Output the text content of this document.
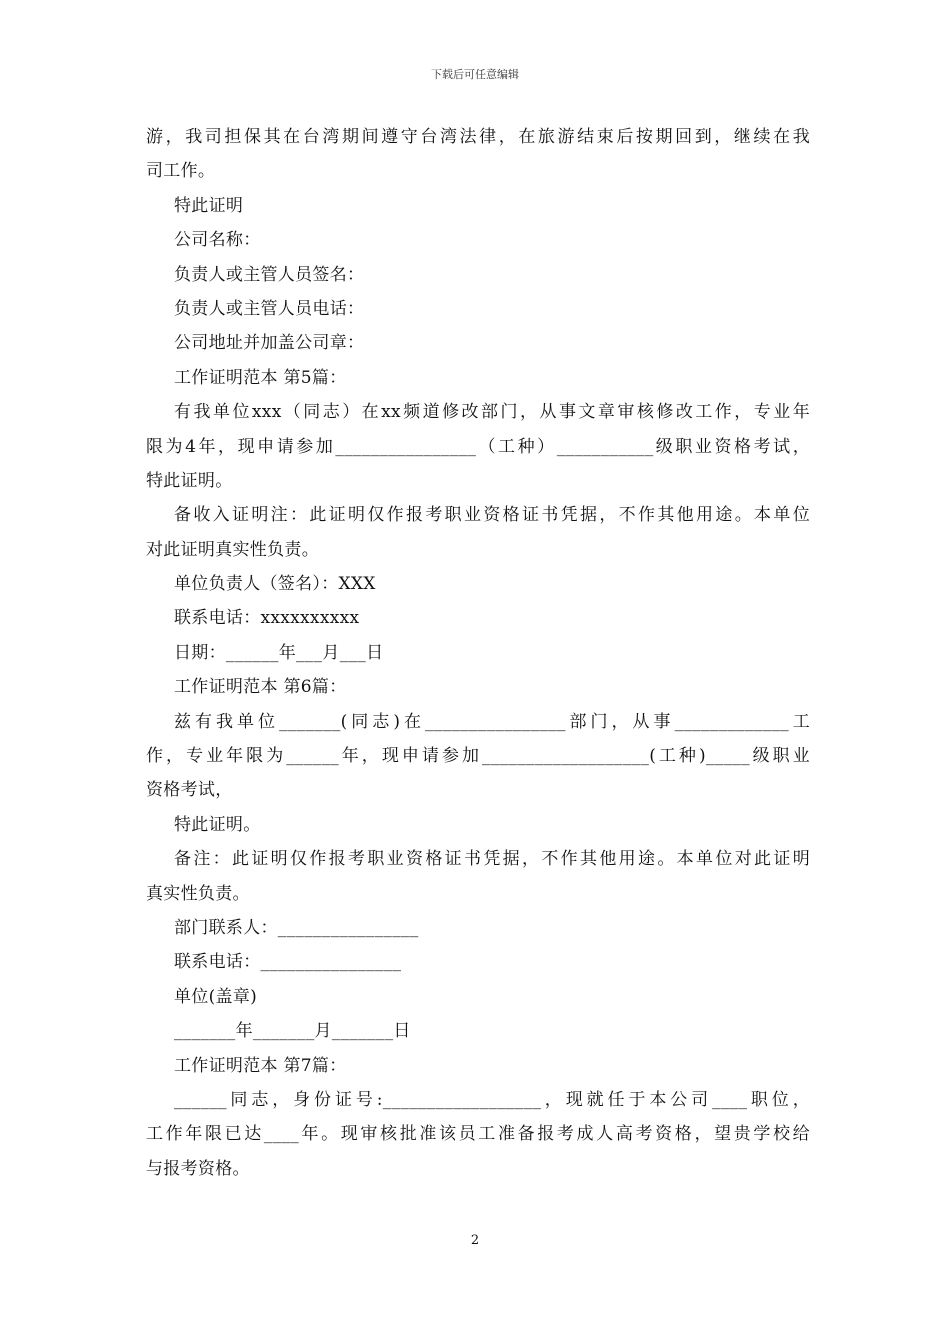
下载后可任意编辑
游，我司担保其在台湾期间遵守台湾法律，在旅游结束后按期回到，继续在我
司工作。
特此证明
公司名称：
负责人或主管人员签名：
负责人或主管人员电话：
公司地址并加盖公司章：
工作证明范本 第5篇：
有我单位xxx（同志）在xx频道修改部门，从事文章审核修改工作，专业年
限为4年，现申请参加________________（工种）___________级职业资格考试，
特此证明。
备收入证明注：此证明仅作报考职业资格证书凭据，不作其他用途。本单位
对此证明真实性负责。
单位负责人（签名）：XXX
联系电话：xxxxxxxxxx
日期：______年___月___日
工作证明范本 第6篇：
兹有我单位_______(同志)在________________部门，从事_____________工
作，专业年限为______年，现申请参加___________________(工种)_____级职业
资格考试，
特此证明。
备注：此证明仅作报考职业资格证书凭据，不作其他用途。本单位对此证明
真实性负责。
部门联系人：________________
联系电话：________________
单位(盖章)
_______年_______月_______日
工作证明范本 第7篇：
______同志，身份证号:__________________，现就任于本公司____职位，
工作年限已达____年。现审核批准该员工准备报考成人高考资格，望贵学校给
与报考资格。
2
